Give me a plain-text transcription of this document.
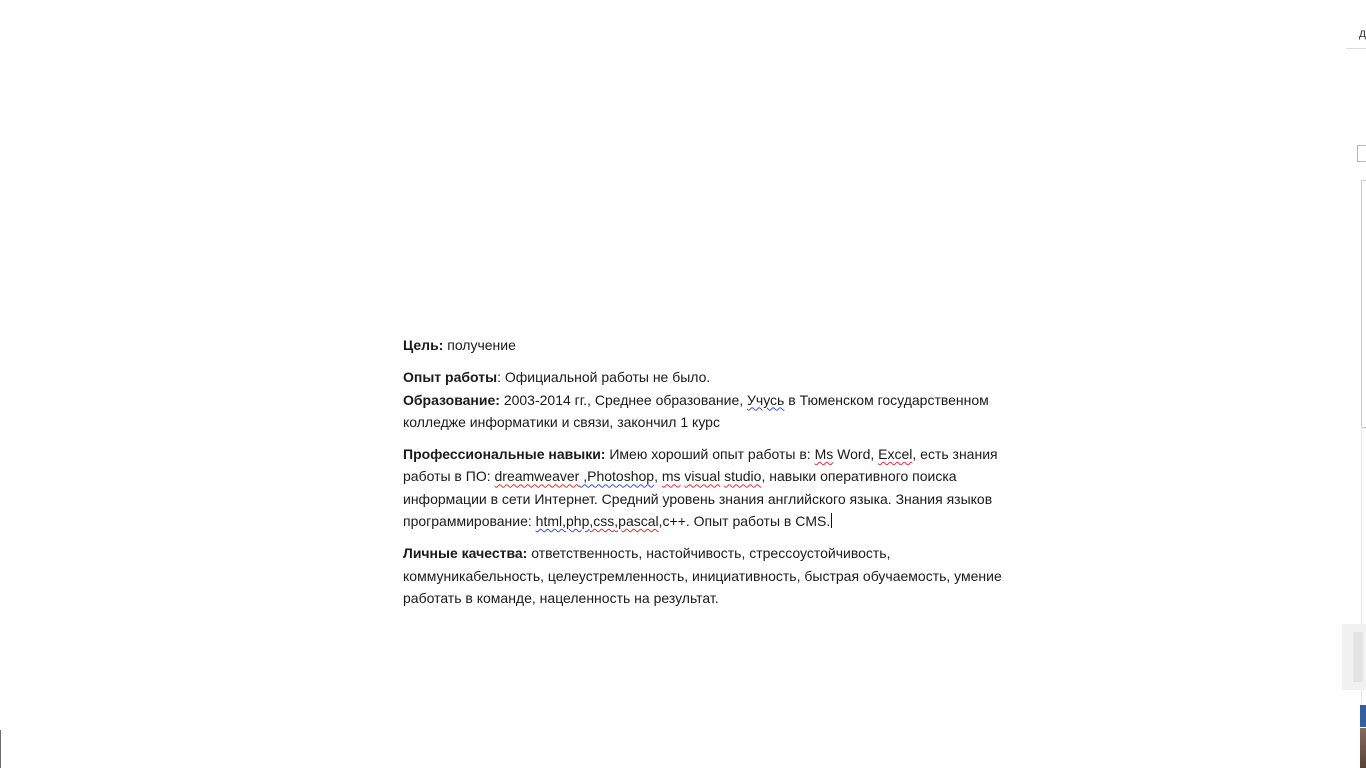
Цель: получение

Опыт работы: Официальной работы не было.

Образование: 2003-2014 гг., Среднее образование, Учусь в Тюменском государственном колледже информатики и связи, закончил 1 курс

Профессиональные навыки: Имею хороший опыт работы в: Ms Word, Excel, есть знания работы в ПО: dreamweaver ,Photoshop, ms visual studio, навыки оперативного поиска информации в сети Интернет. Средний уровень знания английского языка. Знания языков программирование: html,php,css,pascal,c++. Опыт работы в CMS.

Личные качества: ответственность, настойчивость, стрессоустойчивость, коммуникабельность, целеустремленность, инициативность, быстрая обучаемость, умение работать в команде, нацеленность на результат.

д
